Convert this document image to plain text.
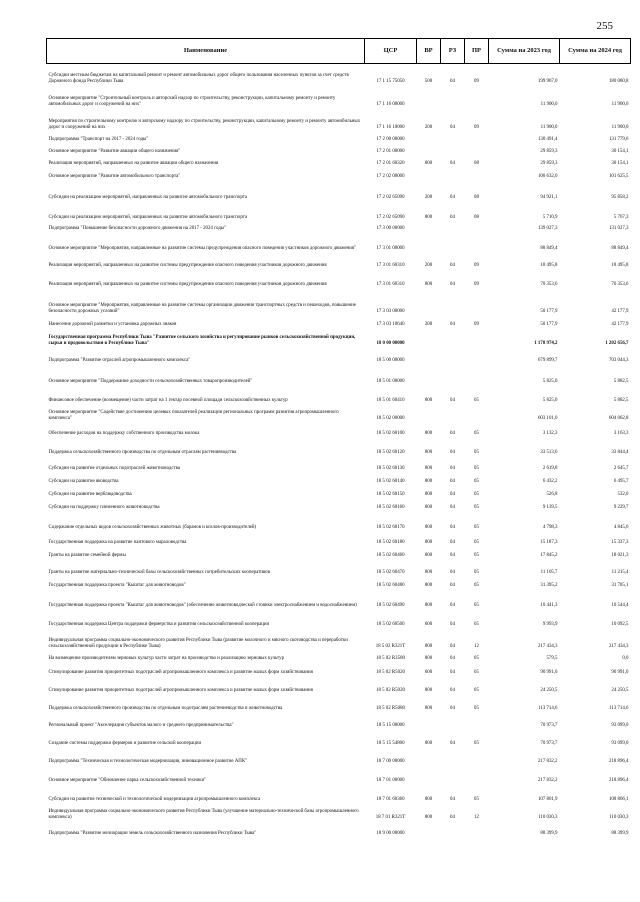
255
Наименование	ЦСР	ВР	РЗ	ПР	Сумма на 2023 год	Сумма на 2024 год
Субсидии местным бюджетам на капитальный ремонт и ремонт автомобильных дорог общего пользования населенных пунктов за счет средств Дорожного фонда Республики Тыва	17 1 15 75050	500	04	09	199 967,0	180 080,8
Основное мероприятие "Строительный контроль и авторский надзор по строительству, реконструкции, капитальному ремонту и ремонту автомобильных дорог и сооружений на них"	17 1 16 00000				11 900,0	11 900,0
Мероприятия по строительному контролю и авторскому надзору по строительству, реконструкции, капитальному ремонту и ремонту автомобильных дорог и сооружений на них	17 1 16 10000	200	04	09	11 900,0	11 900,0
Подпрограмма "Транспорт на 2017 - 2024 годы"	17 2 00 00000				130 491,4	131 779,6
Основное мероприятие "Развитие авиации общего назначения"	17 2 01 00000				29 859,3	30 154,1
Реализация мероприятий, направленных на развитие авиации общего назначения	17 2 01 60320	800	04	08	29 859,3	30 154,1
Основное мероприятие "Развитие автомобильного транспорта"	17 2 02 00000				100 632,0	101 625,5
Субсидии на реализацию мероприятий, направленных на развитие автомобильного транспорта	17 2 02 65090	200	04	08	94 921,1	95 858,2
Субсидии на реализацию мероприятий, направленных на развитие автомобильного транспорта	17 2 02 65090	800	04	08	5 710,9	5 767,3
Подпрограмма "Повышение безопасности дорожного движения на 2017 - 2024 годы"	17 3 00 00000				139 027,3	131 027,3
Основное мероприятие "Мероприятия, направленные на развитие системы предупреждения опасного поведения участников дорожного движения"	17 3 01 00000				88 849,4	88 849,4
Реализация мероприятий, направленных на развитие системы предупреждения опасного поведения участников дорожного движения	17 3 01 60310	200	04	09	18 495,8	18 495,8
Реализация мероприятий, направленных на развитие системы предупреждения опасного поведения участников дорожного движения	17 3 01 60310	800	04	09	70 353,6	70 353,6
Основное мероприятие "Мероприятия, направленные на развитие системы организации движения транспортных средств и пешеходов, повышение безопасности дорожных условий"	17 3 03 00000				50 177,9	42 177,9
Нанесение дорожной разметки и установка дорожных знаков	17 3 03 10640	200	04	09	50 177,9	42 177,9
Государственная программа Республики Тыва "Развитие сельского хозяйства и регулирование рынков сельскохозяйственной продукции, сырья и продовольствия в Республике Тыва"	18 0 00 00000				1 178 974,2	1 202 656,7
Подпрограмма "Развитие отраслей агропромышленного комплекса"	18 5 00 00000				679 899,7	703 044,3
Основное мероприятие "Поддержание доходности сельскохозяйственных товаропроизводителей"	18 5 01 00000				5 825,0	5 882,5
Финансовое обеспечение (возмещение) части затрат на 1 гектар посевной площади сельскохозяйственных культур	18 5 01 60410	800	04	05	5 825,0	5 882,5
Основное мероприятие "Содействие достижению целевых показателей реализации региональных программ развития агропромышленного комплекса"	18 5 02 00000				603 101,0	604 062,8
Обеспечение расходов на поддержку собственного производства молока	18 5 02 60100	800	04	05	3 132,3	3 163,3
Поддержка сельскохозяйственного производства по отдельным отраслям растениеводства	18 5 02 60120	800	04	05	33 513,6	33 844,4
Субсидии на развитие отдельных подотраслей животноводства	18 5 02 60130	800	04	05	2 619,8	2 645,7
Субсидии на развитие яководства	18 5 02 60140	800	04	05	6 432,2	6 495,7
Субсидии на развитие верблюдоводства	18 5 02 60150	800	04	05	526,8	532,0
Субсидии на поддержку племенного животноводства	18 5 02 60160	800	04	05	9 139,5	9 229,7
Содержание отдельных видов сельскохозяйственных животных (баранов и козлов-производителей)	18 5 02 60170	800	04	05	4 798,3	4 845,6
Государственная поддержка на развитие пантового мараловодства	18 5 02 60180	800	04	05	15 187,3	15 337,3
Гранты на развитие семейной фермы	18 5 02 60460	800	04	05	17 845,2	18 021,3
Гранты на развитие материально-технической базы сельскохозяйственных потребительских кооперативов	18 5 02 60470	800	04	05	11 105,7	11 215,4
Государственная поддержка проекта "Кыштаг для животноводов"	18 5 02 60480	800	04	05	31 395,2	31 705,1
Государственная поддержка проекта "Кыштаг для животноводов" (обеспечение животноводческой стоянки электроснабжением и водоснабжением)	18 5 02 60490	800	04	05	10 441,3	10 544,4
Государственная поддержка Центра поддержки фермерства и развития сельскохозяйственной кооперации	18 5 02 60500	600	04	05	9 993,9	10 092,5
Индивидуальная программа социально-экономического развития Республики Тыва (развитие молочного и мясного скотоводства и переработки сельскохозяйственной продукции в Республике Тыва)	18 5 02 R321T	800	04	12	217 434,3	217 434,3
На возмещение производителям зерновых культур части затрат на производство и реализацию зерновых культур	18 5 02 R3580	800	04	05	579,5	0,0
Стимулирование развития приоритетных подотраслей агропромышленного комплекса и развитие малых форм хозяйствования	18 5 02 R5020	600	04	05	90 991,0	90 991,0
Стимулирование развития приоритетных подотраслей агропромышленного комплекса и развитие малых форм хозяйствования	18 5 02 R5020	800	04	05	24 250,5	24 250,5
Поддержка сельскохозяйственного производства по отдельным подотраслям растениеводства и животноводства	18 5 02 R5080	800	04	05	113 714,6	113 714,6
Региональный проект "Акселерация субъектов малого и среднего предпринимательства"	18 5 15 00000				70 973,7	93 099,0
Создание системы поддержки фермеров и развитие сельской кооперации	18 5 15 54800	800	04	05	70 973,7	93 099,0
Подпрограмма "Техническая и технологическая модернизация, инновационное развитие АПК"	18 7 00 00000				217 832,2	218 896,4
Основное мероприятие "Обновление парка сельскохозяйственной техники"	18 7 01 00000				217 832,2	218 896,4
Субсидии на развитие технической и технологической модернизации агропромышленного комплекса	18 7 01 60360	800	04	05	107 801,9	108 866,1
Индивидуальная программа социально-экономического развития Республики Тыва (улучшение материально-технической базы агропромышленного комплекса)	18 7 01 R321T	800	04	12	110 030,3	110 030,3
Подпрограмма "Развитие мелиорации земель сельскохозяйственного назначения Республики Тыва"	18 9 00 00000				88 399,9	88 399,9
